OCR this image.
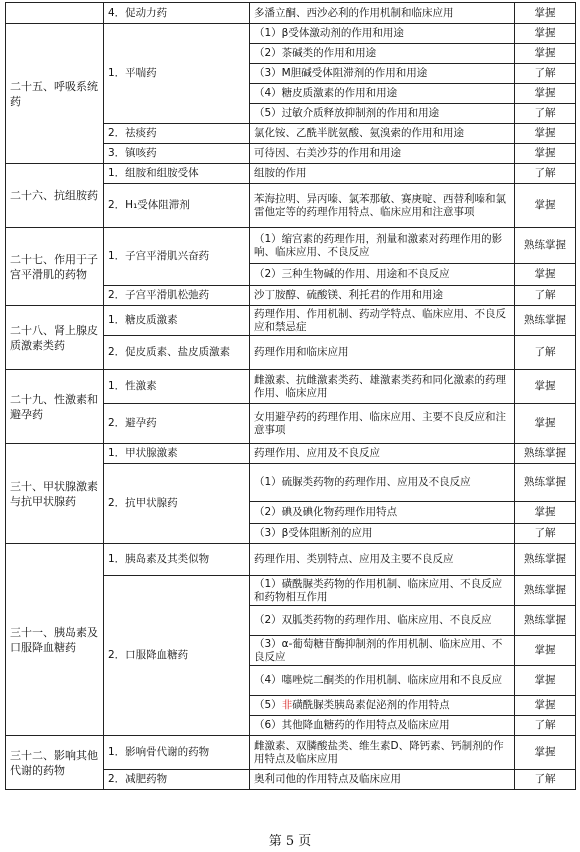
	4．促动力药	多潘立酮、西沙必利的作用机制和临床应用	掌握
二十五、呼吸系统药	1．平喘药	（1）β受体激动剂的作用和用途	掌握
		（2）茶碱类的作用和用途	掌握
		（3）M胆碱受体阻滞剂的作用和用途	了解
		（4）糖皮质激素的作用和用途	掌握
		（5）过敏介质释放抑制剂的作用和用途	了解
	2．祛痰药	氯化铵、乙酰半胱氨酸、氨溴索的作用和用途	掌握
	3．镇咳药	可待因、右美沙芬的作用和用途	掌握
二十六、抗组胺药	1．组胺和组胺受体	组胺的作用	了解
	2．H₁受体阻滞剂	苯海拉明、异丙嗪、氯苯那敏、赛庚啶、西替利嗪和氯雷他定等的药理作用特点、临床应用和注意事项	掌握
二十七、作用于子宫平滑肌的药物	1．子宫平滑肌兴奋药	（1）缩宫素的药理作用，剂量和激素对药理作用的影响、临床应用、不良反应	熟练掌握
		（2）三种生物碱的作用、用途和不良反应	掌握
	2．子宫平滑肌松弛药	沙丁胺醇、硫酸镁、利托君的作用和用途	了解
二十八、肾上腺皮质激素类药	1．糖皮质激素	药理作用、作用机制、药动学特点、临床应用、不良反应和禁忌症	熟练掌握
	2．促皮质素、盐皮质激素	药理作用和临床应用	了解
二十九、性激素和避孕药	1．性激素	雌激素、抗雌激素类药、雄激素类药和同化激素的药理作用、临床应用	掌握
	2．避孕药	女用避孕药的药理作用、临床应用、主要不良反应和注意事项	掌握
三十、甲状腺激素与抗甲状腺药	1．甲状腺激素	药理作用、应用及不良反应	熟练掌握
	2．抗甲状腺药	（1）硫脲类药物的药理作用、应用及不良反应	熟练掌握
		（2）碘及碘化物药理作用特点	掌握
		（3）β受体阻断剂的应用	了解
三十一、胰岛素及口服降血糖药	1．胰岛素及其类似物	药理作用、类别特点、应用及主要不良反应	熟练掌握
	2．口服降血糖药	（1）磺酰脲类药物的作用机制、临床应用、不良反应和药物相互作用	熟练掌握
		（2）双胍类药物的药理作用、临床应用、不良反应	熟练掌握
		（3）α-葡萄糖苷酶抑制剂的作用机制、临床应用、不良反应	掌握
		（4）噻唑烷二酮类的作用机制、临床应用和不良反应	掌握
		（5）非磺酰脲类胰岛素促泌剂的作用特点	掌握
		（6）其他降血糖药的作用特点及临床应用	了解
三十二、影响其他代谢的药物	1．影响骨代谢的药物	雌激素、双膦酸盐类、维生素D、降钙素、钙制剂的作用特点及临床应用	掌握
	2．减肥药物	奥利司他的作用特点及临床应用	了解
第 5 页
